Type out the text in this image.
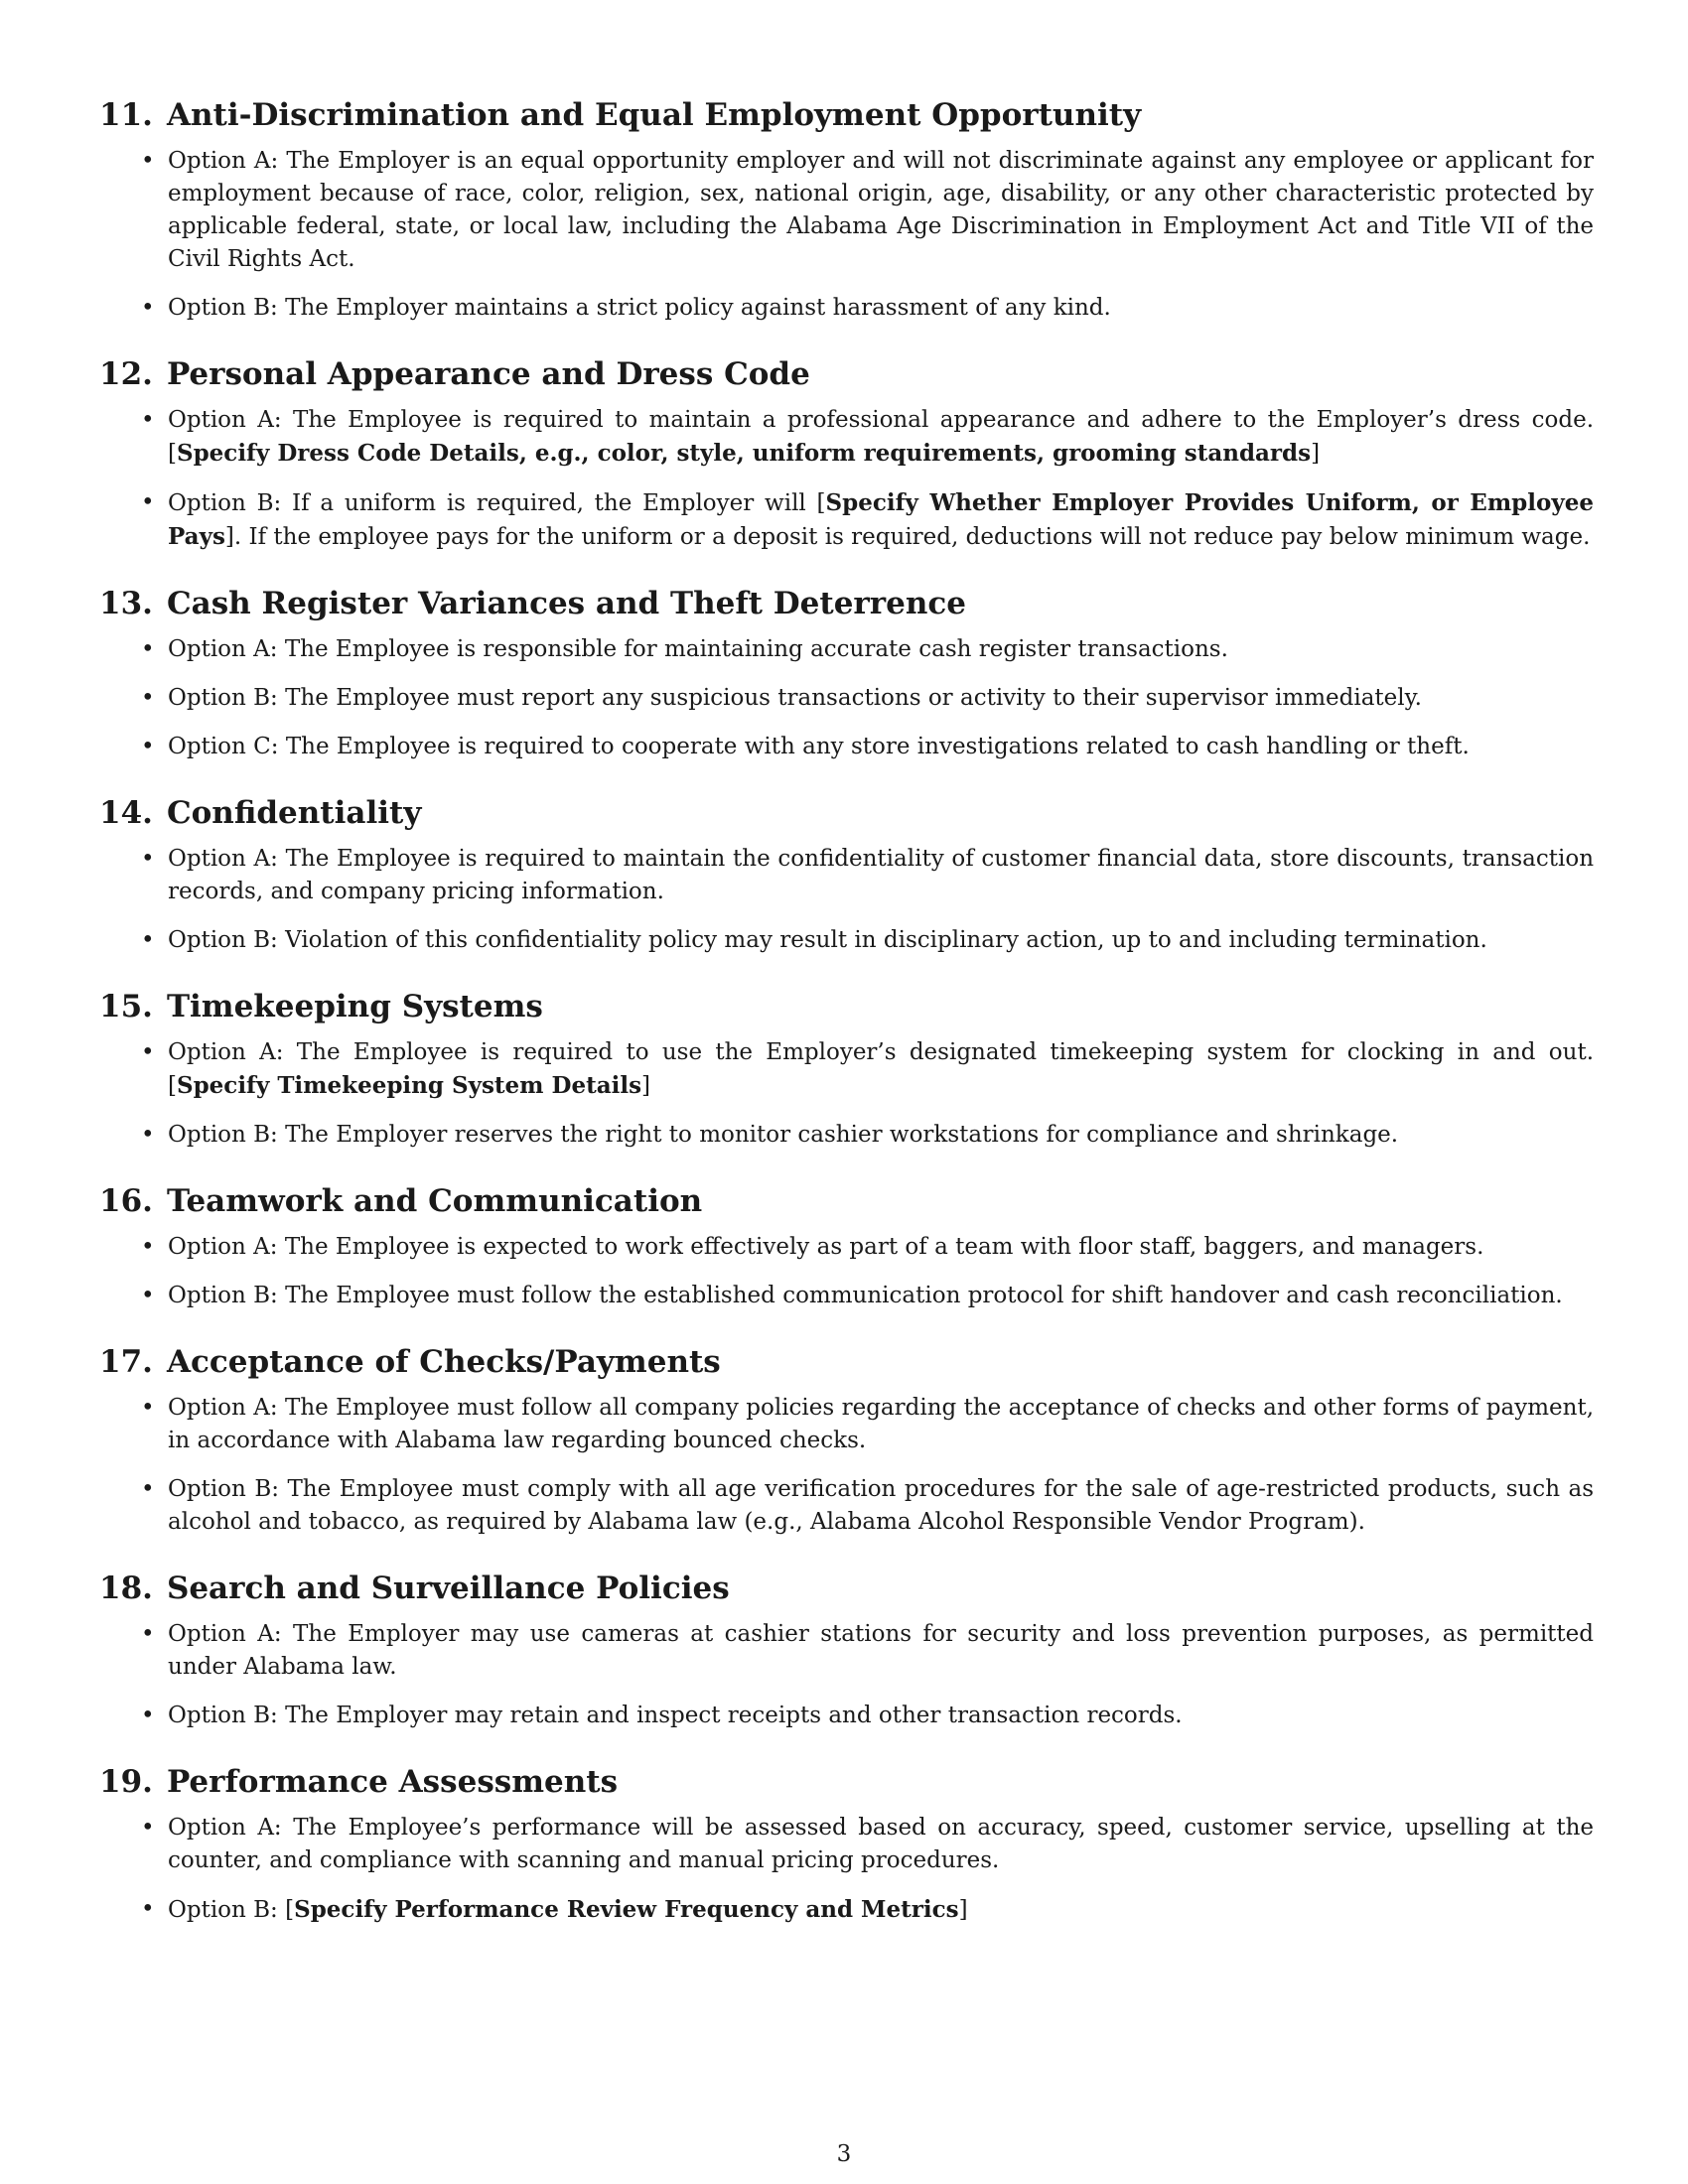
11. Anti-Discrimination and Equal Employment Opportunity
• Option A: The Employer is an equal opportunity employer and will not discriminate against any employee or applicant for employment because of race, color, religion, sex, national origin, age, disability, or any other characteristic protected by applicable federal, state, or local law, including the Alabama Age Discrimination in Employment Act and Title VII of the Civil Rights Act.
• Option B: The Employer maintains a strict policy against harassment of any kind.
12. Personal Appearance and Dress Code
• Option A: The Employee is required to maintain a professional appearance and adhere to the Employer’s dress code. [Specify Dress Code Details, e.g., color, style, uniform requirements, grooming standards]
• Option B: If a uniform is required, the Employer will [Specify Whether Employer Provides Uniform, or Employee Pays]. If the employee pays for the uniform or a deposit is required, deductions will not reduce pay below minimum wage.
13. Cash Register Variances and Theft Deterrence
• Option A: The Employee is responsible for maintaining accurate cash register transactions.
• Option B: The Employee must report any suspicious transactions or activity to their supervisor immediately.
• Option C: The Employee is required to cooperate with any store investigations related to cash handling or theft.
14. Confidentiality
• Option A: The Employee is required to maintain the confidentiality of customer financial data, store discounts, transaction records, and company pricing information.
• Option B: Violation of this confidentiality policy may result in disciplinary action, up to and including termination.
15. Timekeeping Systems
• Option A: The Employee is required to use the Employer’s designated timekeeping system for clocking in and out. [Specify Timekeeping System Details]
• Option B: The Employer reserves the right to monitor cashier workstations for compliance and shrinkage.
16. Teamwork and Communication
• Option A: The Employee is expected to work effectively as part of a team with floor staff, baggers, and managers.
• Option B: The Employee must follow the established communication protocol for shift handover and cash reconciliation.
17. Acceptance of Checks/Payments
• Option A: The Employee must follow all company policies regarding the acceptance of checks and other forms of payment, in accordance with Alabama law regarding bounced checks.
• Option B: The Employee must comply with all age verification procedures for the sale of age-restricted products, such as alcohol and tobacco, as required by Alabama law (e.g., Alabama Alcohol Responsible Vendor Program).
18. Search and Surveillance Policies
• Option A: The Employer may use cameras at cashier stations for security and loss prevention purposes, as permitted under Alabama law.
• Option B: The Employer may retain and inspect receipts and other transaction records.
19. Performance Assessments
• Option A: The Employee’s performance will be assessed based on accuracy, speed, customer service, upselling at the counter, and compliance with scanning and manual pricing procedures.
• Option B: [Specify Performance Review Frequency and Metrics]
3
